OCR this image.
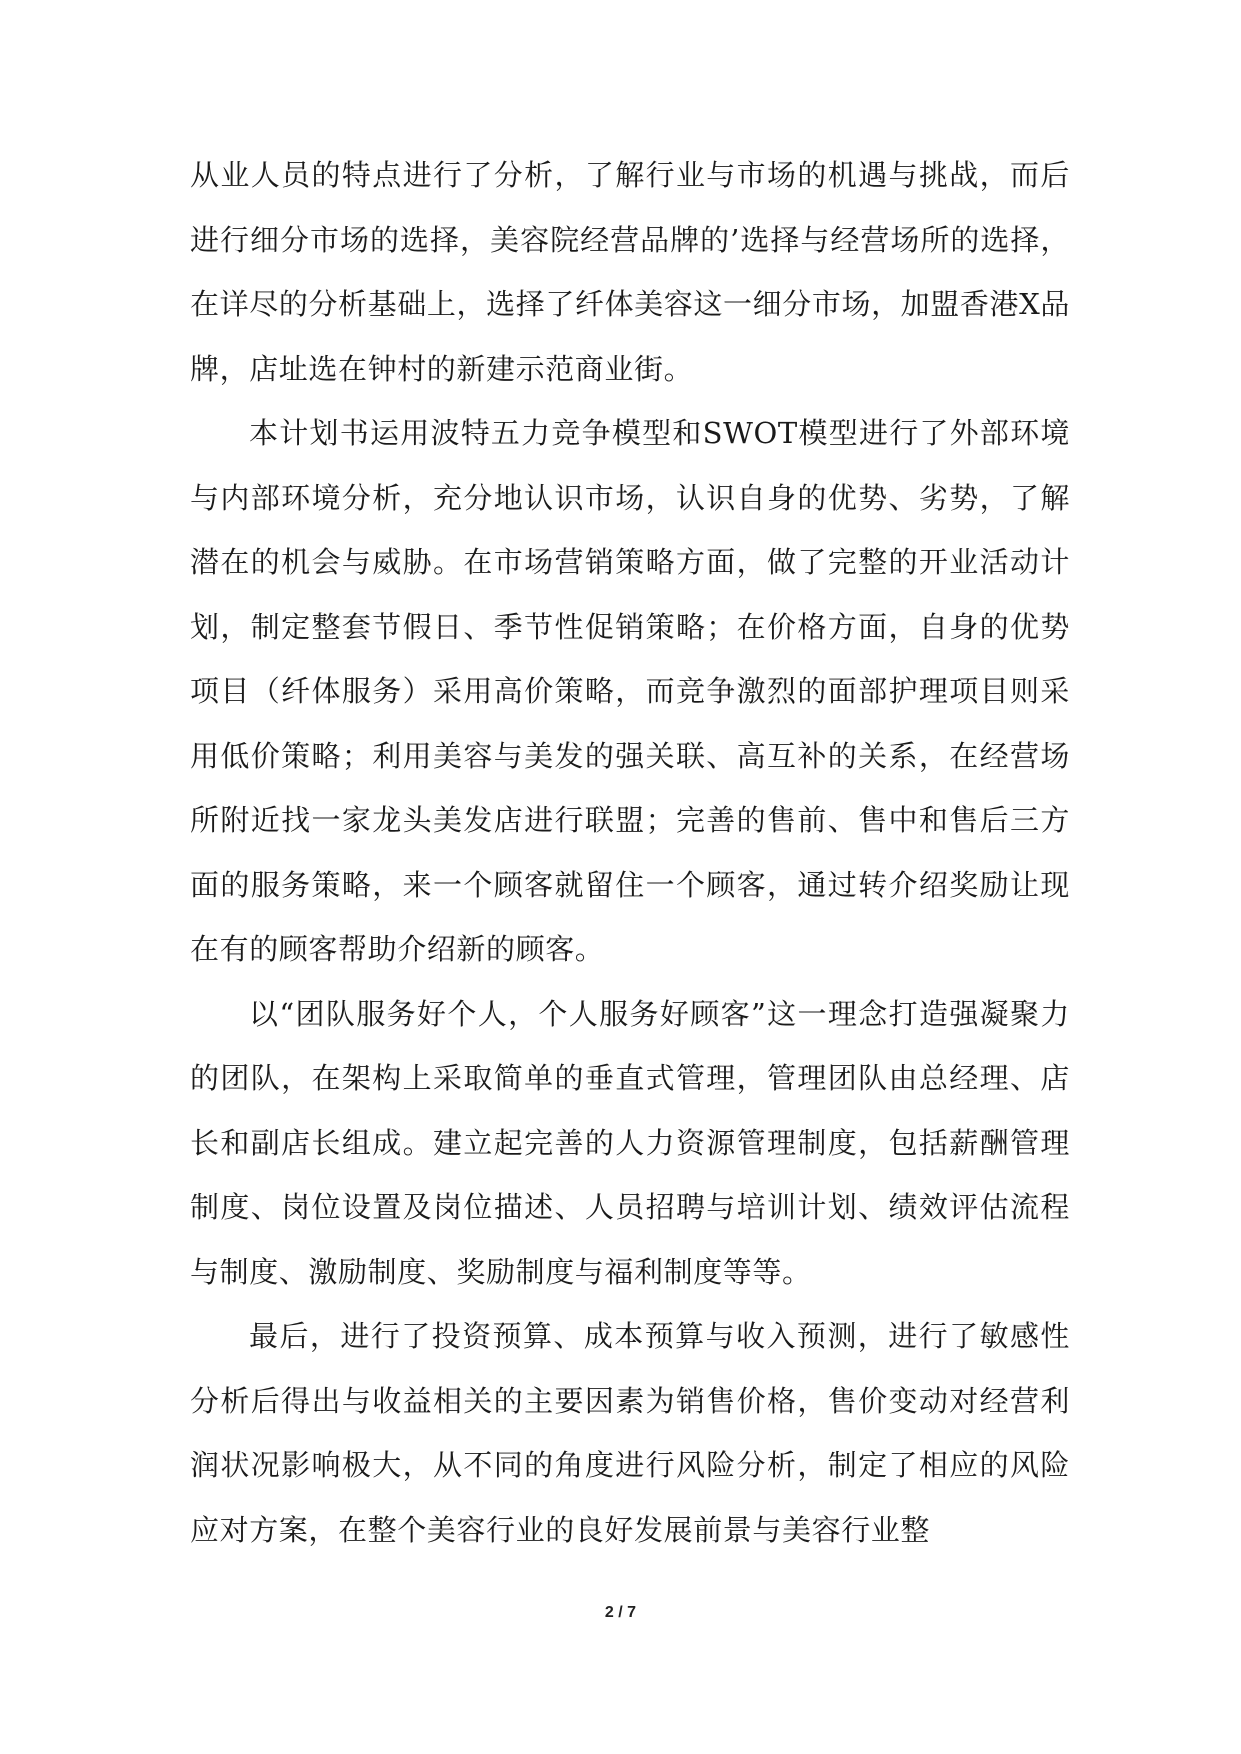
从业人员的特点进行了分析，了解行业与市场的机遇与挑战，而后进行细分市场的选择，美容院经营品牌的’选择与经营场所的选择，在详尽的分析基础上，选择了纤体美容这一细分市场，加盟香港X品牌，店址选在钟村的新建示范商业街。

本计划书运用波特五力竞争模型和SWOT模型进行了外部环境与内部环境分析，充分地认识市场，认识自身的优势、劣势，了解潜在的机会与威胁。在市场营销策略方面，做了完整的开业活动计划，制定整套节假日、季节性促销策略；在价格方面，自身的优势项目（纤体服务）采用高价策略，而竞争激烈的面部护理项目则采用低价策略；利用美容与美发的强关联、高互补的关系，在经营场所附近找一家龙头美发店进行联盟；完善的售前、售中和售后三方面的服务策略，来一个顾客就留住一个顾客，通过转介绍奖励让现在有的顾客帮助介绍新的顾客。

以“团队服务好个人，个人服务好顾客”这一理念打造强凝聚力的团队，在架构上采取简单的垂直式管理，管理团队由总经理、店长和副店长组成。建立起完善的人力资源管理制度，包括薪酬管理制度、岗位设置及岗位描述、人员招聘与培训计划、绩效评估流程与制度、激励制度、奖励制度与福利制度等等。

最后，进行了投资预算、成本预算与收入预测，进行了敏感性分析后得出与收益相关的主要因素为销售价格，售价变动对经营利润状况影响极大，从不同的角度进行风险分析，制定了相应的风险应对方案，在整个美容行业的良好发展前景与美容行业整

2 / 7
